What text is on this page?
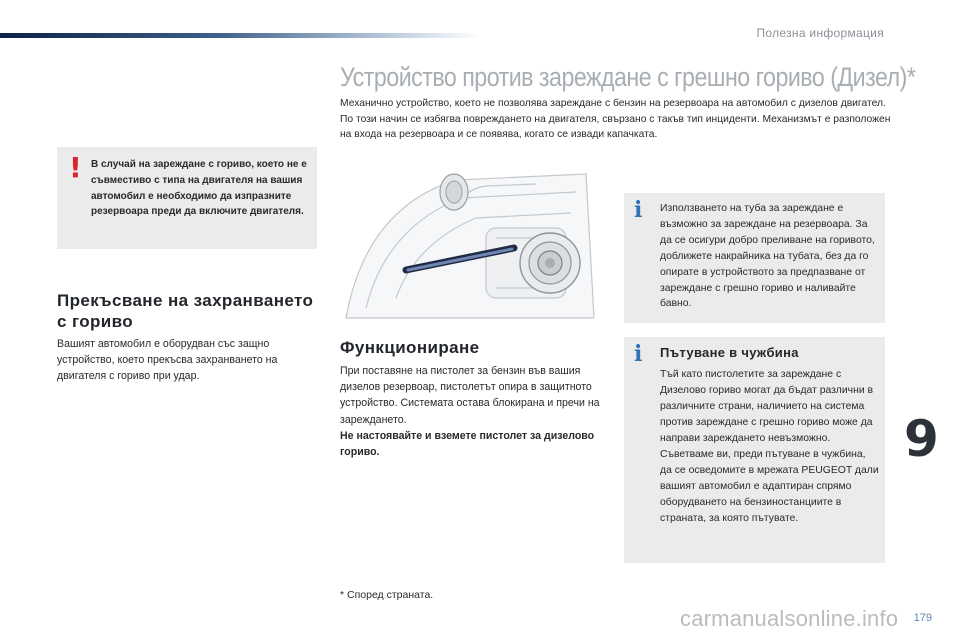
Полезна информация
Устройство против зареждане с грешно гориво (Дизел)*

Механично устройство, което не позволява зареждане с бензин на резервоара на автомобил с дизелов двигател. По този начин се избягва повреждането на двигателя, свързано с такъв тип инциденти. Механизмът е разположен на входа на резервоара и се появява, когато се извади капачката.

! В случай на зареждане с гориво, което не е съвместиво с типа на двигателя на вашия автомобил е необходимо да изпразните резервоара преди да включите двигателя.

Прекъсване на захранването с гориво

Вашият автомобил е оборудван със защно устройство, което прекъсва захранването на двигателя с гориво при удар.

Функциониране

При поставяне на пистолет за бензин във вашия дизелов резервоар, пистолетът опира в защитното устройство. Системата остава блокирана и пречи на зареждането.
Не настоявайте и вземете пистолет за дизелово гориво.

* Според страната.

i Използването на туба за зареждане е възможно за зареждане на резервоара. За да се осигури добро преливане на горивото, доближете накрайника на тубата, без да го опирате в устройството за предпазване от зареждане с грешно гориво и наливайте бавно.

i Пътуване в чужбина

Тъй като пистолетите за зареждане с Дизелово гориво могат да бъдат различни в различните страни, наличието на система против зареждане с грешно гориво може да направи зареждането невъзможно. Съветваме ви, преди пътуване в чужбина, да се осведомите в мрежата PEUGEOT дали вашият автомобил е адаптиран спрямо оборудването на бензиностанциите в страната, за която пътувате.

9
carmanualsonline.info 179
